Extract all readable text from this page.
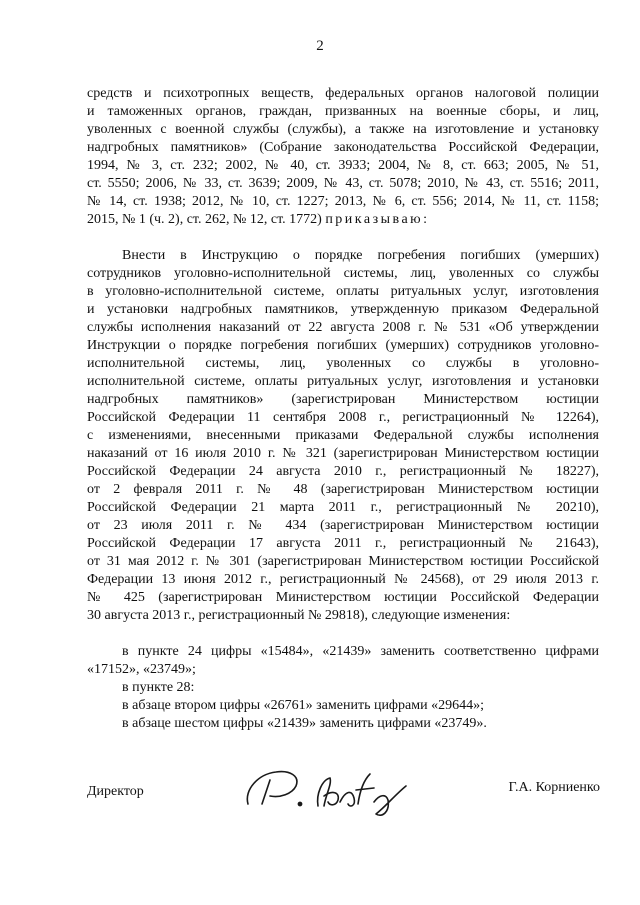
2
средств и психотропных веществ, федеральных органов налоговой полиции
и таможенных органов, граждан, призванных на военные сборы, и лиц,
уволенных с военной службы (службы), а также на изготовление и установку
надгробных памятников» (Собрание законодательства Российской Федерации,
1994, № 3, ст. 232; 2002, № 40, ст. 3933; 2004, № 8, ст. 663; 2005, № 51,
ст. 5550; 2006, № 33, ст. 3639; 2009, № 43, ст. 5078; 2010, № 43, ст. 5516; 2011,
№ 14, ст. 1938; 2012, № 10, ст. 1227; 2013, № 6, ст. 556; 2014, № 11, ст. 1158;
2015, № 1 (ч. 2), ст. 262, № 12, ст. 1772) приказываю:
Внести в Инструкцию о порядке погребения погибших (умерших)
сотрудников уголовно-исполнительной системы, лиц, уволенных со службы
в уголовно-исполнительной системе, оплаты ритуальных услуг, изготовления
и установки надгробных памятников, утвержденную приказом Федеральной
службы исполнения наказаний от 22 августа 2008 г. № 531 «Об утверждении
Инструкции о порядке погребения погибших (умерших) сотрудников уголовно-
исполнительной системы, лиц, уволенных со службы в уголовно-
исполнительной системе, оплаты ритуальных услуг, изготовления и установки
надгробных памятников» (зарегистрирован Министерством юстиции
Российской Федерации 11 сентября 2008 г., регистрационный № 12264),
с изменениями, внесенными приказами Федеральной службы исполнения
наказаний от 16 июля 2010 г. № 321 (зарегистрирован Министерством юстиции
Российской Федерации 24 августа 2010 г., регистрационный № 18227),
от 2 февраля 2011 г. № 48 (зарегистрирован Министерством юстиции
Российской Федерации 21 марта 2011 г., регистрационный № 20210),
от 23 июля 2011 г. № 434 (зарегистрирован Министерством юстиции
Российской Федерации 17 августа 2011 г., регистрационный № 21643),
от 31 мая 2012 г. № 301 (зарегистрирован Министерством юстиции Российской
Федерации 13 июня 2012 г., регистрационный № 24568), от 29 июля 2013 г.
№ 425 (зарегистрирован Министерством юстиции Российской Федерации
30 августа 2013 г., регистрационный № 29818), следующие изменения:
в пункте 24 цифры «15484», «21439» заменить соответственно цифрами
«17152», «23749»;
в пункте 28:
в абзаце втором цифры «26761» заменить цифрами «29644»;
в абзаце шестом цифры «21439» заменить цифрами «23749».
Директор	Г.А. Корниенко
